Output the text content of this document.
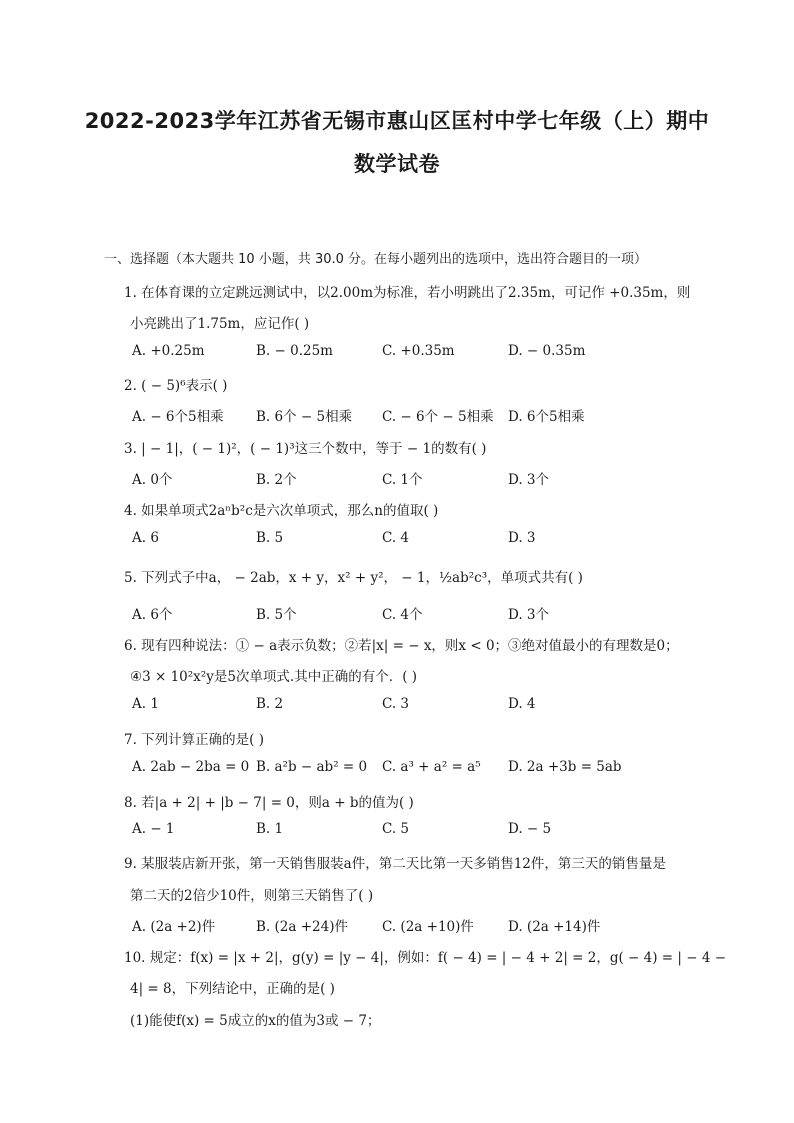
2022-2023学年江苏省无锡市惠山区匡村中学七年级（上）期中
数学试卷
一、选择题（本大题共 10 小题，共 30.0 分。在每小题列出的选项中，选出符合题目的一项）
1. 在体育课的立定跳远测试中，以2.00m为标准，若小明跳出了2.35m，可记作 +0.35m，则
小亮跳出了1.75m，应记作( )
A. +0.25m	B. − 0.25m	C. +0.35m	D. − 0.35m
2. ( − 5)⁶表示( )
A. − 6个5相乘 B. 6个 − 5相乘 C. − 6个 − 5相乘 D. 6个5相乘
3. | − 1|，( − 1)²，( − 1)³这三个数中，等于 − 1的数有( )
A. 0个	B. 2个	C. 1个	D. 3个
4. 如果单项式2aⁿb²c是六次单项式，那么n的值取( )
A. 6	B. 5	C. 4	D. 3
5. 下列式子中a， − 2ab，x + y，x² + y²， − 1，½ab²c³，单项式共有( )
A. 6个	B. 5个	C. 4个	D. 3个
6. 现有四种说法：① − a表示负数；②若|x| = − x，则x < 0；③绝对值最小的有理数是0；
④3 × 10²x²y是5次单项式.其中正确的有个．( )
A. 1	B. 2	C. 3	D. 4
7. 下列计算正确的是( )
A. 2ab − 2ba = 0 B. a²b − ab² = 0 C. a³ + a² = a⁵ D. 2a +3b = 5ab
8. 若|a + 2| + |b − 7| = 0，则a + b的值为( )
A. − 1	B. 1	C. 5	D. − 5
9. 某服装店新开张，第一天销售服装a件，第二天比第一天多销售12件，第三天的销售量是
第二天的2倍少10件，则第三天销售了( )
A. (2a +2)件	B. (2a +24)件	C. (2a +10)件	D. (2a +14)件
10. 规定：f(x) = |x + 2|，g(y) = |y − 4|，例如：f( − 4) = | − 4 + 2| = 2，g( − 4) = | − 4 −
4| = 8，下列结论中，正确的是( )
(1)能使f(x) = 5成立的x的值为3或 − 7；
